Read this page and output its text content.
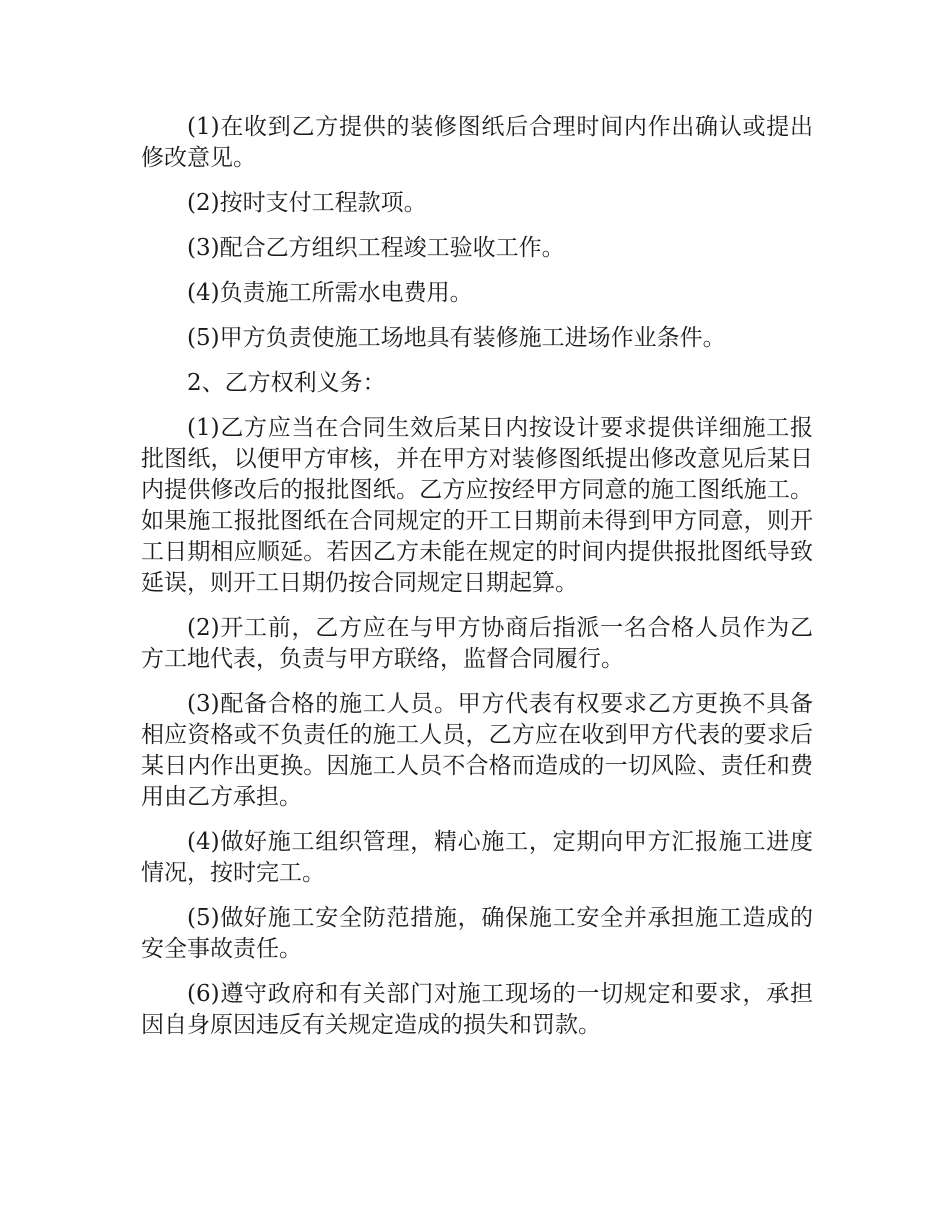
(1)在收到乙方提供的装修图纸后合理时间内作出确认或提出修改意见。

(2)按时支付工程款项。

(3)配合乙方组织工程竣工验收工作。

(4)负责施工所需水电费用。

(5)甲方负责使施工场地具有装修施工进场作业条件。

2、乙方权利义务：

(1)乙方应当在合同生效后某日内按设计要求提供详细施工报批图纸，以便甲方审核，并在甲方对装修图纸提出修改意见后某日内提供修改后的报批图纸。乙方应按经甲方同意的施工图纸施工。如果施工报批图纸在合同规定的开工日期前未得到甲方同意，则开工日期相应顺延。若因乙方未能在规定的时间内提供报批图纸导致延误，则开工日期仍按合同规定日期起算。

(2)开工前，乙方应在与甲方协商后指派一名合格人员作为乙方工地代表，负责与甲方联络，监督合同履行。

(3)配备合格的施工人员。甲方代表有权要求乙方更换不具备相应资格或不负责任的施工人员，乙方应在收到甲方代表的要求后某日内作出更换。因施工人员不合格而造成的一切风险、责任和费用由乙方承担。

(4)做好施工组织管理，精心施工，定期向甲方汇报施工进度情况，按时完工。

(5)做好施工安全防范措施，确保施工安全并承担施工造成的安全事故责任。

(6)遵守政府和有关部门对施工现场的一切规定和要求，承担因自身原因违反有关规定造成的损失和罚款。
